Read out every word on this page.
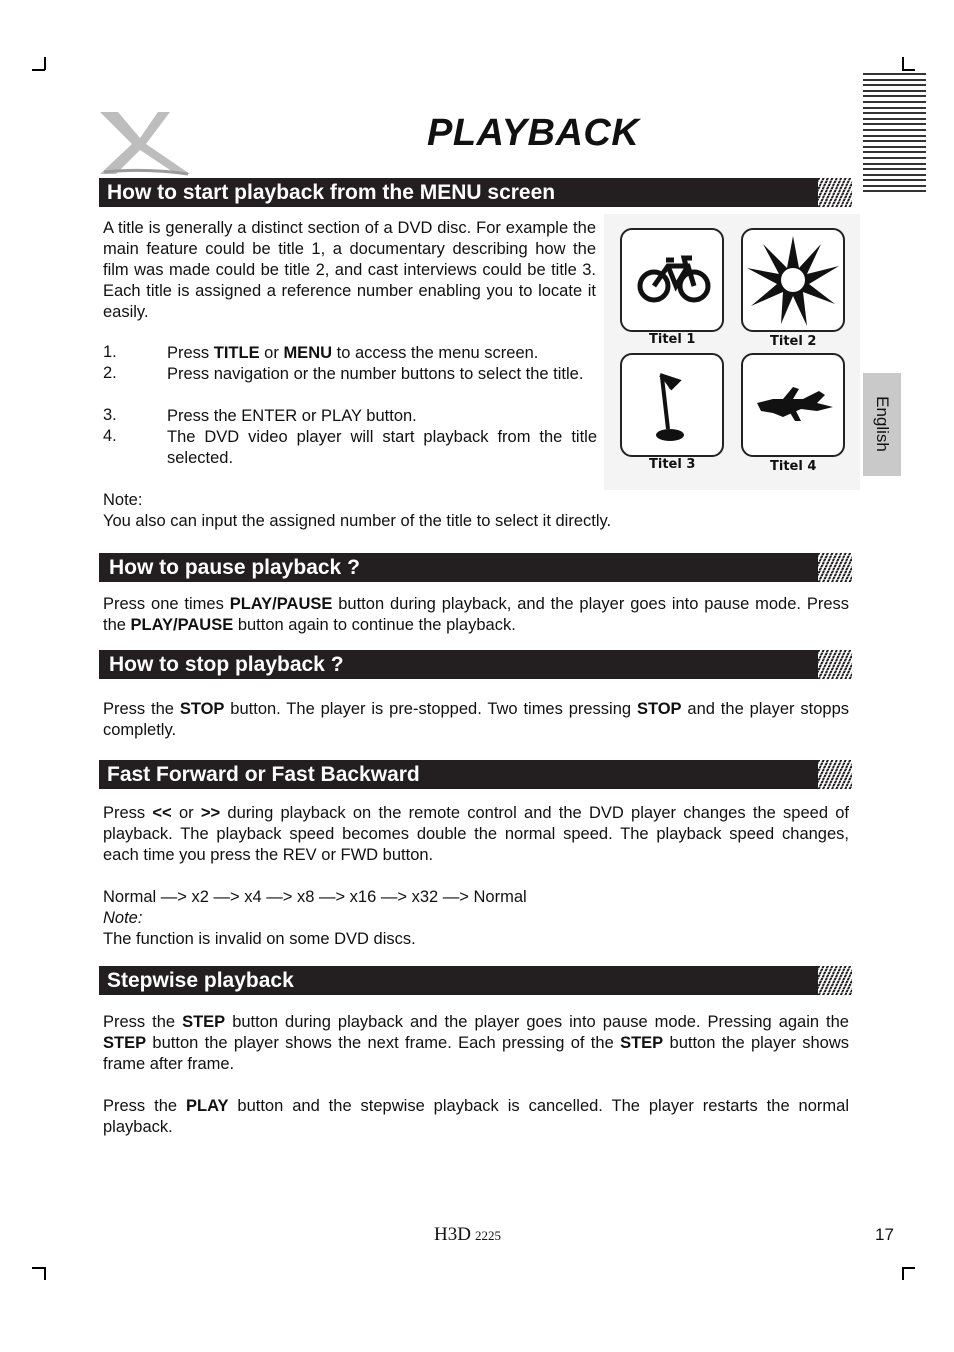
PLAYBACK
English
How to start playback from the MENU screen
A title is generally a distinct section of a DVD disc. For example the main feature could be title 1, a documentary describing how the film was made could be title 2, and cast interviews could be title 3. Each title is assigned a reference number enabling you to locate it easily.
1.	Press TITLE or MENU to access the menu screen.
2.	Press navigation or the number buttons to select the title.
3.	Press the ENTER or PLAY button.
4.	The DVD video player will start playback from the title selected.
Note:
You also can input the assigned number of the title to select it directly.
Titel 1	Titel 2
Titel 3	Titel 4
How to pause playback ?
Press one times PLAY/PAUSE button during playback, and the player goes into pause mode. Press the PLAY/PAUSE button again to continue the playback.
How to stop playback ?
Press the STOP button. The player is pre-stopped. Two times pressing STOP and the player stopps completly.
Fast Forward or Fast Backward
Press << or >> during playback on the remote control and the DVD player changes the speed of playback. The playback speed becomes double the normal speed. The playback speed changes, each time you press the REV or FWD button.
Normal —> x2 —> x4 —> x8 —> x16 —> x32 —> Normal
Note:
The function is invalid on some DVD discs.
Stepwise playback
Press the STEP button during playback and the player goes into pause mode. Pressing again the STEP button the player shows the next frame. Each pressing of the STEP button the player shows frame after frame.
Press the PLAY button and the stepwise playback is cancelled. The player restarts the normal playback.
H3D 2225	17
